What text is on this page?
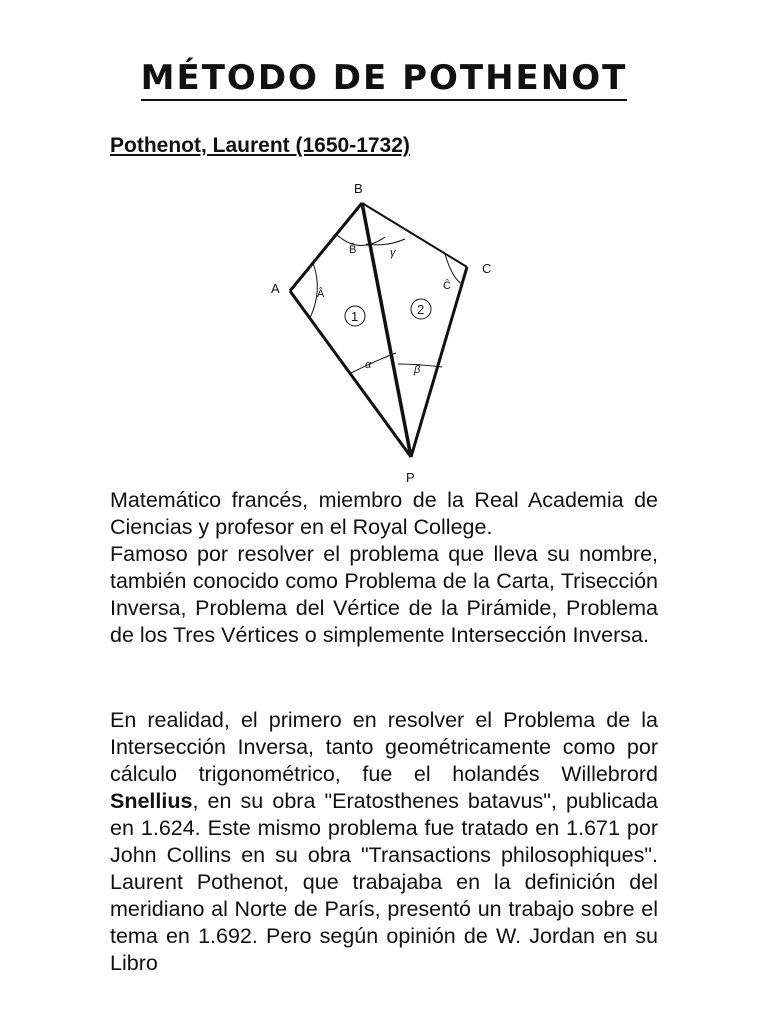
MÉTODO DE POTHENOT
Pothenot, Laurent (1650-1732)
B
A
C
P
Â
B̂
Ĉ
γ
α	β
1	2
Matemático francés, miembro de la Real Academia de Ciencias y profesor en el Royal College.
Famoso por resolver el problema que lleva su nombre, también conocido como Problema de la Carta, Trisección Inversa, Problema del Vértice de la Pirámide, Problema de los Tres Vértices o simplemente Intersección Inversa.
En realidad, el primero en resolver el Problema de la Intersección Inversa, tanto geométricamente como por cálculo trigonométrico, fue el holandés Willebrord Snellius, en su obra "Eratosthenes batavus", publicada en 1.624. Este mismo problema fue tratado en 1.671 por John Collins en su obra "Transactions philosophiques". Laurent Pothenot, que trabajaba en la definición del meridiano al Norte de París, presentó un trabajo sobre el tema en 1.692. Pero según opinión de W. Jordan en su Libro
